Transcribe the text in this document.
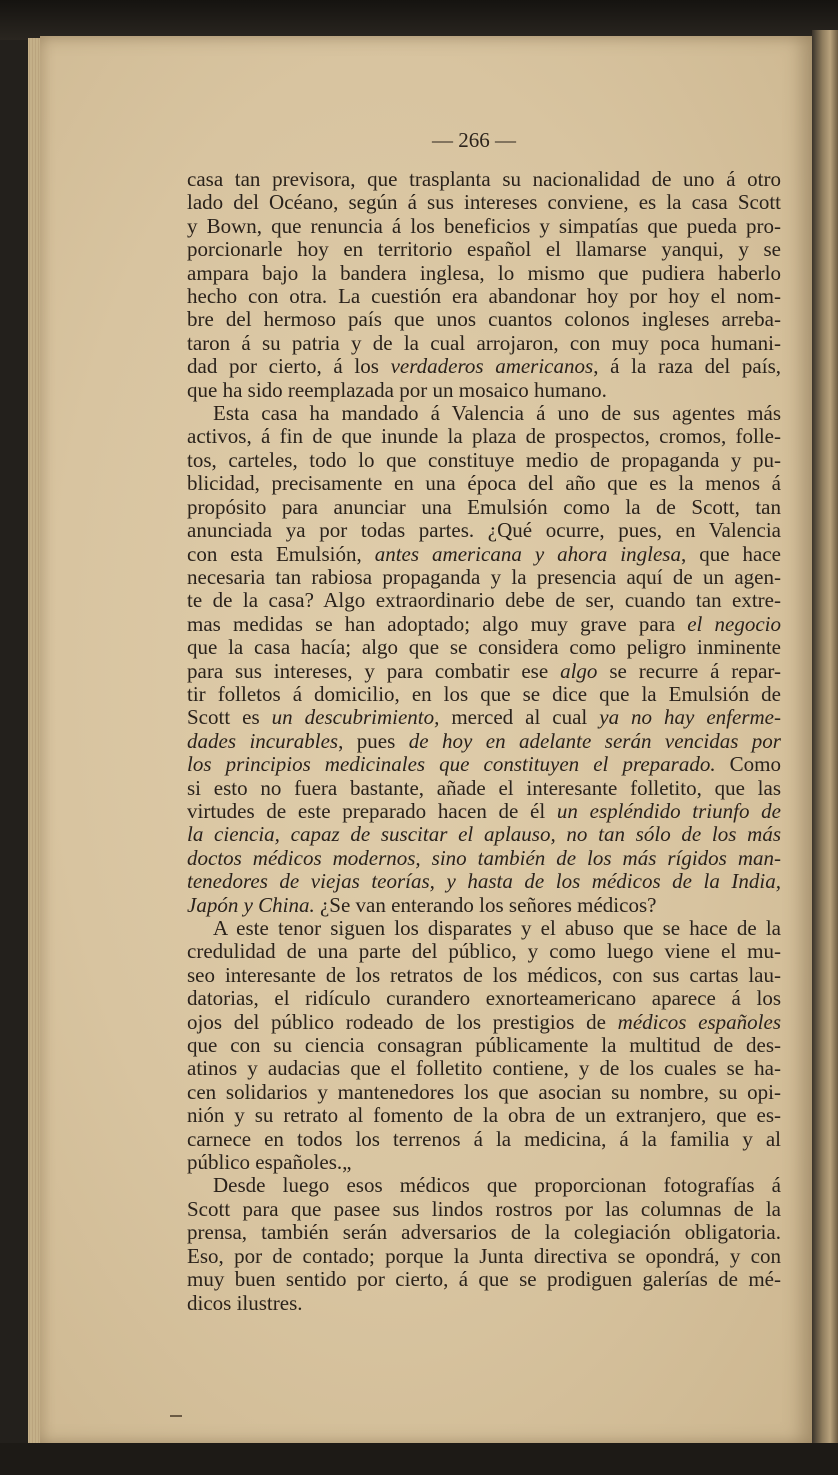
— 266 —
casa tan previsora, que trasplanta su nacionalidad de uno á otro
lado del Océano, según á sus intereses conviene, es la casa Scott
y Bown, que renuncia á los beneficios y simpatías que pueda pro-
porcionarle hoy en territorio español el llamarse yanqui, y se
ampara bajo la bandera inglesa, lo mismo que pudiera haberlo
hecho con otra. La cuestión era abandonar hoy por hoy el nom-
bre del hermoso país que unos cuantos colonos ingleses arreba-
taron á su patria y de la cual arrojaron, con muy poca humani-
dad por cierto, á los verdaderos americanos, á la raza del país,
que ha sido reemplazada por un mosaico humano.
Esta casa ha mandado á Valencia á uno de sus agentes más
activos, á fin de que inunde la plaza de prospectos, cromos, folle-
tos, carteles, todo lo que constituye medio de propaganda y pu-
blicidad, precisamente en una época del año que es la menos á
propósito para anunciar una Emulsión como la de Scott, tan
anunciada ya por todas partes. ¿Qué ocurre, pues, en Valencia
con esta Emulsión, antes americana y ahora inglesa, que hace
necesaria tan rabiosa propaganda y la presencia aquí de un agen-
te de la casa? Algo extraordinario debe de ser, cuando tan extre-
mas medidas se han adoptado; algo muy grave para el negocio
que la casa hacía; algo que se considera como peligro inminente
para sus intereses, y para combatir ese algo se recurre á repar-
tir folletos á domicilio, en los que se dice que la Emulsión de
Scott es un descubrimiento, merced al cual ya no hay enferme-
dades incurables, pues de hoy en adelante serán vencidas por
los principios medicinales que constituyen el preparado. Como
si esto no fuera bastante, añade el interesante folletito, que las
virtudes de este preparado hacen de él un espléndido triunfo de
la ciencia, capaz de suscitar el aplauso, no tan sólo de los más
doctos médicos modernos, sino también de los más rígidos man-
tenedores de viejas teorías, y hasta de los médicos de la India,
Japón y China. ¿Se van enterando los señores médicos?
A este tenor siguen los disparates y el abuso que se hace de la
credulidad de una parte del público, y como luego viene el mu-
seo interesante de los retratos de los médicos, con sus cartas lau-
datorias, el ridículo curandero exnorteamericano aparece á los
ojos del público rodeado de los prestigios de médicos españoles
que con su ciencia consagran públicamente la multitud de des-
atinos y audacias que el folletito contiene, y de los cuales se ha-
cen solidarios y mantenedores los que asocian su nombre, su opi-
nión y su retrato al fomento de la obra de un extranjero, que es-
carnece en todos los terrenos á la medicina, á la familia y al
público españoles.„
Desde luego esos médicos que proporcionan fotografías á
Scott para que pasee sus lindos rostros por las columnas de la
prensa, también serán adversarios de la colegiación obligatoria.
Eso, por de contado; porque la Junta directiva se opondrá, y con
muy buen sentido por cierto, á que se prodiguen galerías de mé-
dicos ilustres.
